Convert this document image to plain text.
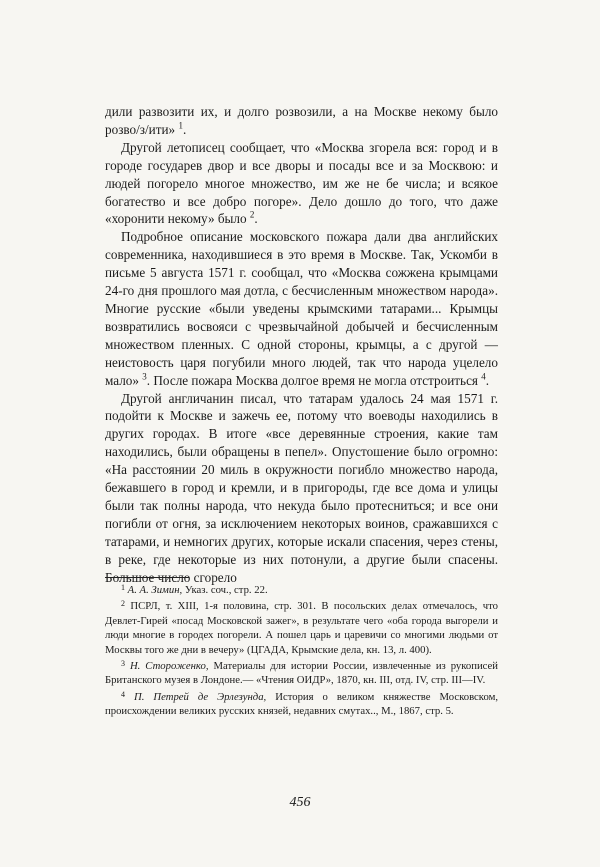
дили развозити их, и долго розвозили, а на Москве некому было розво/з/ити» $^1$.

Другой летописец сообщает, что «Москва згорела вся: город и в городе государев двор и все дворы и посады все и за Москвою: и людей погорело многое множество, им же не бе числа; и всякое богатество и все добро погоре». Дело дошло до того, что даже «хоронити некому» было $^2$.

Подробное описание московского пожара дали два английских современника, находившиеся в это время в Москве. Так, Ускомби в письме 5 августа 1571 г. сообщал, что «Москва сожжена крымцами 24-го дня прошлого мая дотла, с бесчисленным множеством народа». Многие русские «были уведены крымскими татарами... Крымцы возвратились восвояси с чрезвычайной добычей и бесчисленным множеством пленных. С одной стороны, крымцы, а с другой — неистовость царя погубили много людей, так что народа уцелело мало» $^3$. После пожара Москва долгое время не могла отстроиться $^4$.

Другой англичанин писал, что татарам удалось 24 мая 1571 г. подойти к Москве и зажечь ее, потому что воеводы находились в других городах. В итоге «все деревянные строения, какие там находились, были обращены в пепел». Опустошение было огромно: «На расстоянии 20 миль в окружности погибло множество народа, бежавшего в город и кремли, и в пригороды, где все дома и улицы были так полны народа, что некуда было протесниться; и все они погибли от огня, за исключением некоторых воинов, сражавшихся с татарами, и немногих других, которые искали спасения, через стены, в реке, где некоторые из них потонули, а другие были спасены. Большое число сгорело

$^1$ А. А. Зимин, Указ. соч., стр. 22.

$^2$ ПСРЛ, т. XIII, 1-я половина, стр. 301. В посольских делах отмечалось, что Девлет-Гирей «посад Московской зажег», в результате чего «оба города выгорели и люди многие в городех погорели. А пошел царь и царевичи со многими людьми от Москвы того же дни в вечеру» (ЦГАДА, Крымские дела, кн. 13, л. 400).

$^3$ Н. Стороженко, Материалы для истории России, извлеченные из рукописей Британского музея в Лондоне.— «Чтения ОИДР», 1870, кн. III, отд. IV, стр. III—IV.

$^4$ П. Петрей де Эрлезунда, История о великом княжестве Московском, происхождении великих русских князей, недавних смутах.., М., 1867, стр. 5.

456
